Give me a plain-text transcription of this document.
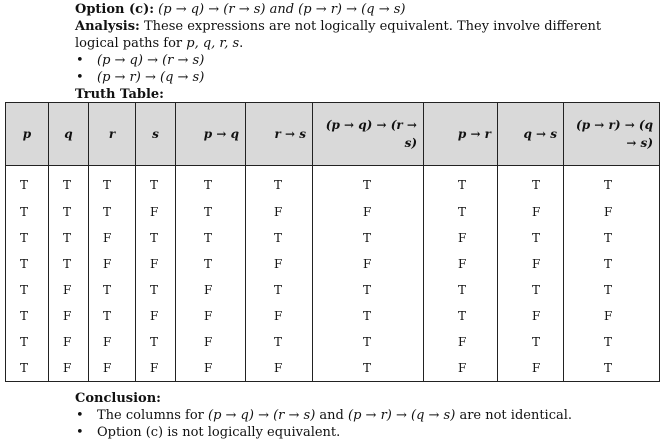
Option (c): (p → q) → (r → s) and (p → r) → (q → s)
Analysis: These expressions are not logically equivalent. They involve different
logical paths for p, q, r, s.
• (p → q) → (r → s)
• (p → r) → (q → s)
Truth Table:
p	q	r	s	p → q	r → s	(p → q) → (r → s)	p → r	q → s	(p → r) → (q → s)
T	T	T	T	T	T	T	T	T	T
T	T	T	F	T	F	F	T	F	F
T	T	F	T	T	T	T	F	T	T
T	T	F	F	T	F	F	F	F	T
T	F	T	T	F	T	T	T	T	T
T	F	T	F	F	F	T	T	F	F
T	F	F	T	F	T	T	F	T	T
T	F	F	F	F	F	T	F	F	T
Conclusion:
• The columns for (p → q) → (r → s) and (p → r) → (q → s) are not identical.
• Option (c) is not logically equivalent.
